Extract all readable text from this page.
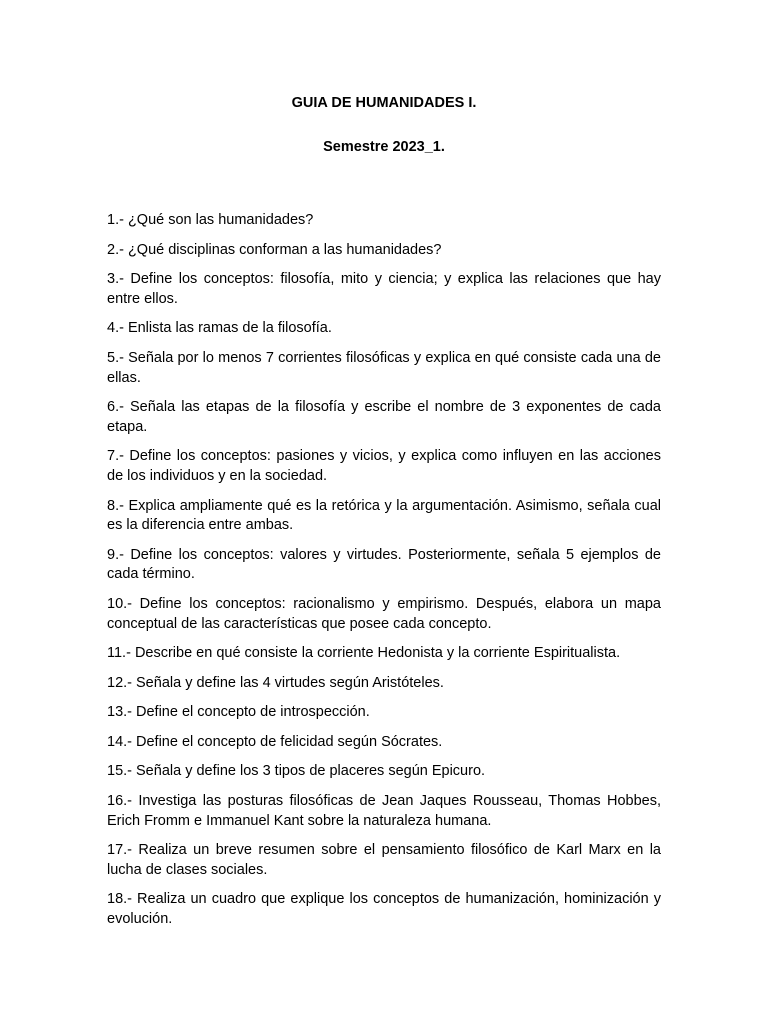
GUIA DE HUMANIDADES I.
Semestre 2023_1.
1.- ¿Qué son las humanidades?
2.- ¿Qué disciplinas conforman a las humanidades?
3.- Define los conceptos: filosofía, mito y ciencia; y explica las relaciones que hay entre ellos.
4.- Enlista las ramas de la filosofía.
5.- Señala por lo menos 7 corrientes filosóficas y explica en qué consiste cada una de ellas.
6.- Señala las etapas de la filosofía y escribe el nombre de 3 exponentes de cada etapa.
7.- Define los conceptos: pasiones y vicios, y explica como influyen en las acciones de los individuos y en la sociedad.
8.- Explica ampliamente qué es la retórica y la argumentación. Asimismo, señala cual es la diferencia entre ambas.
9.- Define los conceptos: valores y virtudes. Posteriormente, señala 5 ejemplos de cada término.
10.- Define los conceptos: racionalismo y empirismo. Después, elabora un mapa conceptual de las características que posee cada concepto.
11.- Describe en qué consiste la corriente Hedonista y la corriente Espiritualista.
12.- Señala y define las 4 virtudes según Aristóteles.
13.- Define el concepto de introspección.
14.- Define el concepto de felicidad según Sócrates.
15.- Señala y define los 3 tipos de placeres según Epicuro.
16.- Investiga las posturas filosóficas de Jean Jaques Rousseau, Thomas Hobbes, Erich Fromm e Immanuel Kant sobre la naturaleza humana.
17.- Realiza un breve resumen sobre el pensamiento filosófico de Karl Marx en la lucha de clases sociales.
18.- Realiza un cuadro que explique los conceptos de humanización, hominización y evolución.
